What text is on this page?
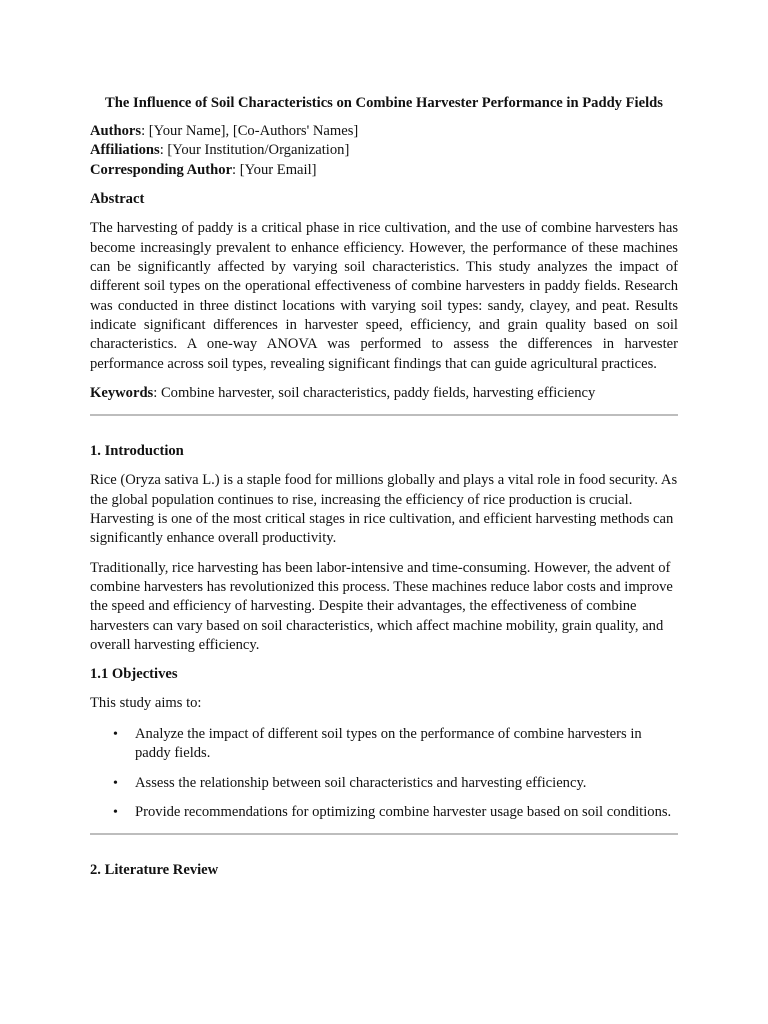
The Influence of Soil Characteristics on Combine Harvester Performance in Paddy Fields
Authors: [Your Name], [Co-Authors' Names]
Affiliations: [Your Institution/Organization]
Corresponding Author: [Your Email]
Abstract

The harvesting of paddy is a critical phase in rice cultivation, and the use of combine harvesters has become increasingly prevalent to enhance efficiency. However, the performance of these machines can be significantly affected by varying soil characteristics. This study analyzes the impact of different soil types on the operational effectiveness of combine harvesters in paddy fields. Research was conducted in three distinct locations with varying soil types: sandy, clayey, and peat. Results indicate significant differences in harvester speed, efficiency, and grain quality based on soil characteristics. A one-way ANOVA was performed to assess the differences in harvester performance across soil types, revealing significant findings that can guide agricultural practices.

Keywords: Combine harvester, soil characteristics, paddy fields, harvesting efficiency
1. Introduction

Rice (Oryza sativa L.) is a staple food for millions globally and plays a vital role in food security. As the global population continues to rise, increasing the efficiency of rice production is crucial. Harvesting is one of the most critical stages in rice cultivation, and efficient harvesting methods can significantly enhance overall productivity.

Traditionally, rice harvesting has been labor-intensive and time-consuming. However, the advent of combine harvesters has revolutionized this process. These machines reduce labor costs and improve the speed and efficiency of harvesting. Despite their advantages, the effectiveness of combine harvesters can vary based on soil characteristics, which affect machine mobility, grain quality, and overall harvesting efficiency.

1.1 Objectives

This study aims to:

• Analyze the impact of different soil types on the performance of combine harvesters in paddy fields.
• Assess the relationship between soil characteristics and harvesting efficiency.
• Provide recommendations for optimizing combine harvester usage based on soil conditions.
2. Literature Review
